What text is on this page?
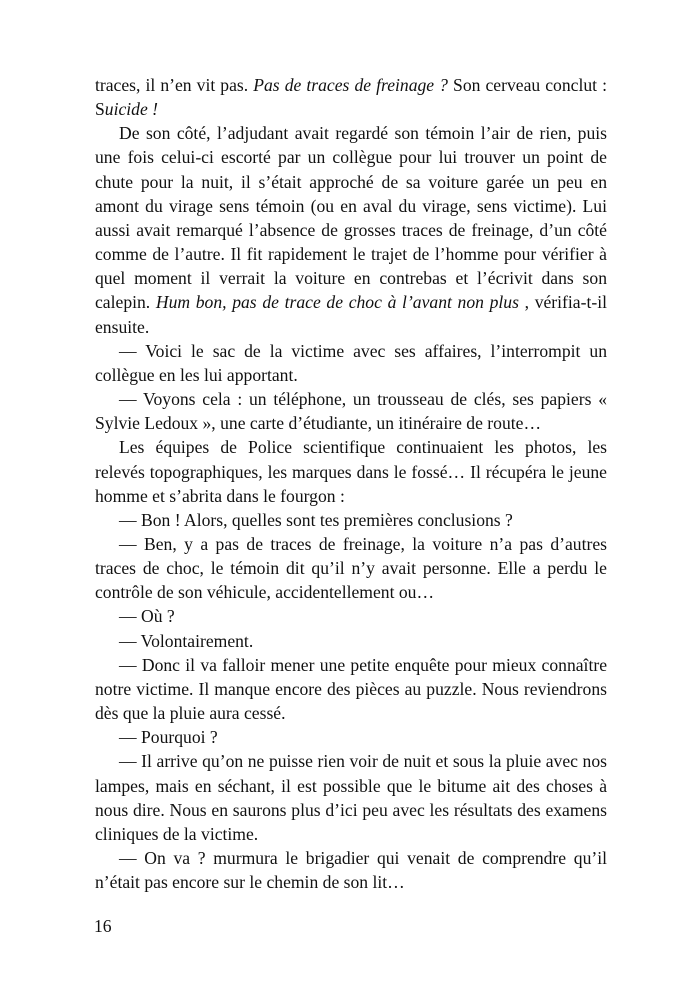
traces, il n’en vit pas. Pas de traces de freinage ? Son cerveau conclut : Suicide !

De son côté, l’adjudant avait regardé son témoin l’air de rien, puis une fois celui-ci escorté par un collègue pour lui trouver un point de chute pour la nuit, il s’était approché de sa voiture garée un peu en amont du virage sens témoin (ou en aval du virage, sens victime). Lui aussi avait remarqué l’absence de grosses traces de freinage, d’un côté comme de l’autre. Il fit rapidement le trajet de l’homme pour vérifier à quel moment il verrait la voiture en contrebas et l’écrivit dans son calepin. Hum bon, pas de trace de choc à l’avant non plus , vérifia-t-il ensuite.

— Voici le sac de la victime avec ses affaires, l’interrompit un collègue en les lui apportant.

— Voyons cela : un téléphone, un trousseau de clés, ses papiers « Sylvie Ledoux », une carte d’étudiante, un itinéraire de route…

Les équipes de Police scientifique continuaient les photos, les relevés topographiques, les marques dans le fossé… Il récupéra le jeune homme et s’abrita dans le fourgon :

— Bon ! Alors, quelles sont tes premières conclusions ?

— Ben, y a pas de traces de freinage, la voiture n’a pas d’autres traces de choc, le témoin dit qu’il n’y avait personne. Elle a perdu le contrôle de son véhicule, accidentellement ou…

— Où ?

— Volontairement.

— Donc il va falloir mener une petite enquête pour mieux connaître notre victime. Il manque encore des pièces au puzzle. Nous reviendrons dès que la pluie aura cessé.

— Pourquoi ?

— Il arrive qu’on ne puisse rien voir de nuit et sous la pluie avec nos lampes, mais en séchant, il est possible que le bitume ait des choses à nous dire. Nous en saurons plus d’ici peu avec les résultats des examens cliniques de la victime.

— On va ? murmura le brigadier qui venait de comprendre qu’il n’était pas encore sur le chemin de son lit…

16
